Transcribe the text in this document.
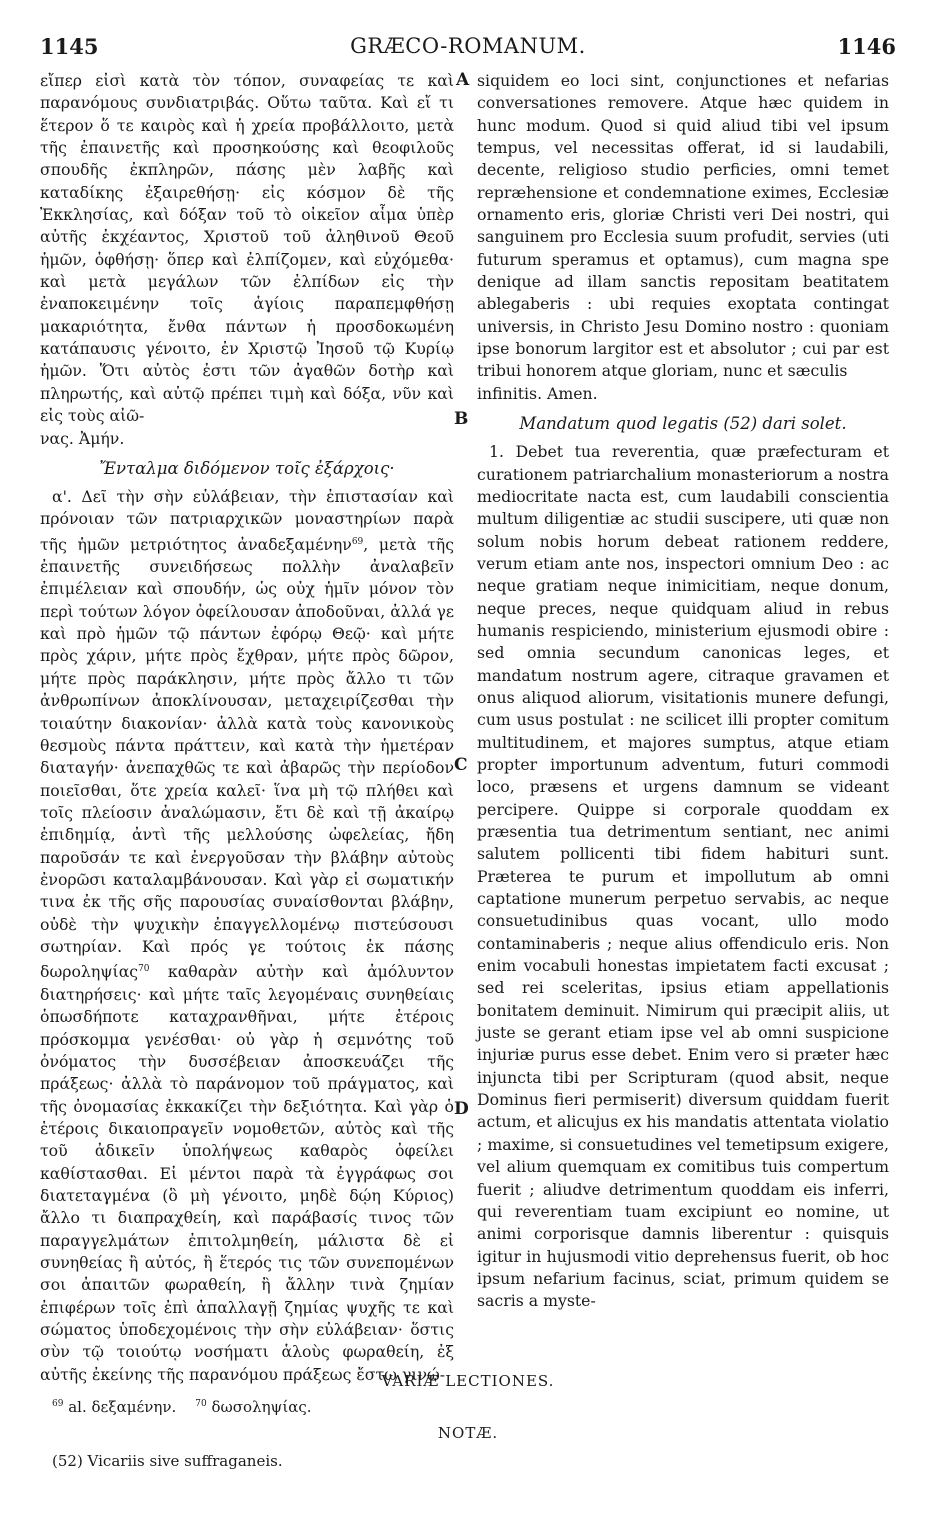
1145	GRÆCO-ROMANUM.	1146
A
B
C
D

εἴπερ εἰσὶ κατὰ τὸν τόπον, συναφείας τε καὶ παρανόμους συνδιατριβάς. Οὕτω ταῦτα. Καὶ εἴ τι ἕτερον ὅ τε καιρὸς καὶ ἡ χρεία προβάλλοιτο, μετὰ τῆς ἐπαινετῆς καὶ προσηκούσης καὶ θεοφιλοῦς σπουδῆς ἐκπληρῶν, πάσης μὲν λαβῆς καὶ καταδίκης ἐξαιρεθήσῃ· εἰς κόσμον δὲ τῆς Ἐκκλησίας, καὶ δόξαν τοῦ τὸ οἰκεῖον αἷμα ὑπὲρ αὐτῆς ἐκχέαντος, Χριστοῦ τοῦ ἀληθινοῦ Θεοῦ ἡμῶν, ὀφθήσῃ· ὅπερ καὶ ἐλπίζομεν, καὶ εὐχόμεθα· καὶ μετὰ μεγάλων τῶν ἐλπίδων εἰς τὴν ἐναποκειμένην τοῖς ἁγίοις παραπεμφθήσῃ μακαριότητα, ἔνθα πάντων ἡ προσδοκωμένη κατάπαυσις γένοιτο, ἐν Χριστῷ Ἰησοῦ τῷ Κυρίῳ ἡμῶν. Ὅτι αὐτὸς ἐστι τῶν ἀγαθῶν δοτὴρ καὶ πληρωτής, καὶ αὐτῷ πρέπει τιμὴ καὶ δόξα, νῦν καὶ εἰς τοὺς αἰῶ-

νας. Ἀμήν.

Ἔνταλμα διδόμενον τοῖς ἐξάρχοις·

α'. Δεῖ τὴν σὴν εὐλάβειαν, τὴν ἐπιστασίαν καὶ πρόνοιαν τῶν πατριαρχικῶν μοναστηρίων παρὰ τῆς ἡμῶν μετριότητος ἀναδεξαμένην$^{69}$, μετὰ τῆς ἐπαινετῆς συνειδήσεως πολλὴν ἀναλαβεῖν ἐπιμέλειαν καὶ σπουδήν, ὡς οὐχ ἡμῖν μόνον τὸν περὶ τούτων λόγον ὀφείλουσαν ἀποδοῦναι, ἀλλά γε καὶ πρὸ ἡμῶν τῷ πάντων ἐφόρῳ Θεῷ· καὶ μήτε πρὸς χάριν, μήτε πρὸς ἔχθραν, μήτε πρὸς δῶρον, μήτε πρὸς παράκλησιν, μήτε πρὸς ἄλλο τι τῶν ἀνθρωπίνων ἀποκλίνουσαν, μεταχειρίζεσθαι τὴν τοιαύτην διακονίαν· ἀλλὰ κατὰ τοὺς κανονικοὺς θεσμοὺς πάντα πράττειν, καὶ κατὰ τὴν ἡμετέραν διαταγήν· ἀνεπαχθῶς τε καὶ ἀβαρῶς τὴν περίοδον ποιεῖσθαι, ὅτε χρεία καλεῖ· ἵνα μὴ τῷ πλήθει καὶ τοῖς πλείοσιν ἀναλώμασιν, ἔτι δὲ καὶ τῇ ἀκαίρῳ ἐπιδημίᾳ, ἀντὶ τῆς μελλούσης ὠφελείας, ἤδη παροῦσάν τε καὶ ἐνεργοῦσαν τὴν βλάβην αὐτοὺς ἐνορῶσι καταλαμβάνουσαν. Καὶ γὰρ εἰ σωματικήν τινα ἐκ τῆς σῆς παρουσίας συναίσθονται βλάβην, οὐδὲ τὴν ψυχικὴν ἐπαγγελλομένῳ πιστεύσουσι σωτηρίαν. Καὶ πρός γε τούτοις ἐκ πάσης δωροληψίας$^{70}$ καθαρὰν αὐτὴν καὶ ἀμόλυντον διατηρήσεις· καὶ μήτε ταῖς λεγομέναις συνηθείαις ὁπωσδήποτε καταχρανθῆναι, μήτε ἑτέροις πρόσκομμα γενέσθαι· οὐ γὰρ ἡ σεμνότης τοῦ ὀνόματος τὴν δυσσέβειαν ἀποσκευάζει τῆς πράξεως· ἀλλὰ τὸ παράνομον τοῦ πράγματος, καὶ τῆς ὀνομασίας ἐκκακίζει τὴν δεξιότητα. Καὶ γὰρ ὁ ἑτέροις δικαιοπραγεῖν νομοθετῶν, αὐτὸς καὶ τῆς τοῦ ἀδικεῖν ὑπολήψεως καθαρὸς ὀφείλει καθίστασθαι. Εἰ μέντοι παρὰ τὰ ἐγγράφως σοι διατεταγμένα (ὃ μὴ γένοιτο, μηδὲ δῴη Κύριος) ἄλλο τι διαπραχθείη, καὶ παράβασίς τινος τῶν παραγγελμάτων ἐπιτολμηθείη, μάλιστα δὲ εἰ συνηθείας ἢ αὐτός, ἢ ἕτερός τις τῶν συνεπομένων σοι ἀπαιτῶν φωραθείη, ἢ ἄλλην τινὰ ζημίαν ἐπιφέρων τοῖς ἐπὶ ἀπαλλαγῇ ζημίας ψυχῆς τε καὶ σώματος ὑποδεχομένοις τὴν σὴν εὐλάβειαν· ὅστις σὺν τῷ τοιούτῳ νοσήματι ἁλοὺς φωραθείη, ἐξ αὐτῆς ἐκείνης τῆς παρανόμου πράξεως ἔστω γινώ-

siquidem eo loci sint, conjunctiones et nefarias conversationes removere. Atque hæc quidem in hunc modum. Quod si quid aliud tibi vel ipsum tempus, vel necessitas offerat, id si laudabili, decente, religioso studio perficies, omni temet repræhensione et condemnatione eximes, Ecclesiæ ornamento eris, gloriæ Christi veri Dei nostri, qui sanguinem pro Ecclesia suum profudit, servies (uti futurum speramus et optamus), cum magna spe denique ad illam sanctis repositam beatitatem ablegaberis : ubi requies exoptata contingat universis, in Christo Jesu Domino nostro : quoniam ipse bonorum largitor est et absolutor ; cui par est tribui honorem atque gloriam, nunc et sæculis

infinitis. Amen.

Mandatum quod legatis (52) dari solet.

1. Debet tua reverentia, quæ præfecturam et curationem patriarchalium monasteriorum a nostra mediocritate nacta est, cum laudabili conscientia multum diligentiæ ac studii suscipere, uti quæ non solum nobis horum debeat rationem reddere, verum etiam ante nos, inspectori omnium Deo : ac neque gratiam neque inimicitiam, neque donum, neque preces, neque quidquam aliud in rebus humanis respiciendo, ministerium ejusmodi obire : sed omnia secundum canonicas leges, et mandatum nostrum agere, citraque gravamen et onus aliquod aliorum, visitationis munere defungi, cum usus postulat : ne scilicet illi propter comitum multitudinem, et majores sumptus, atque etiam propter importunum adventum, futuri commodi loco, præsens et urgens damnum se videant percipere. Quippe si corporale quoddam ex præsentia tua detrimentum sentiant, nec animi salutem pollicenti tibi fidem habituri sunt. Præterea te purum et impollutum ab omni captatione munerum perpetuo servabis, ac neque consuetudinibus quas vocant, ullo modo contaminaberis ; neque alius offendiculo eris. Non enim vocabuli honestas impietatem facti excusat ; sed rei sceleritas, ipsius etiam appellationis bonitatem deminuit. Nimirum qui præcipit aliis, ut juste se gerant etiam ipse vel ab omni suspicione injuriæ purus esse debet. Enim vero si præter hæc injuncta tibi per Scripturam (quod absit, neque Dominus fieri permiserit) diversum quiddam fuerit actum, et alicujus ex his mandatis attentata violatio ; maxime, si consuetudines vel temetipsum exigere, vel alium quemquam ex comitibus tuis compertum fuerit ; aliudve detrimentum quoddam eis inferri, qui reverentiam tuam excipiunt eo nomine, ut animi corporisque damnis liberentur : quisquis igitur in hujusmodi vitio deprehensus fuerit, ob hoc ipsum nefarium facinus, sciat, primum quidem se sacris a myste-

VARIÆ LECTIONES.

$^{69}$ al. δεξαμένην. $^{70}$ δωσοληψίας.

NOTÆ.

(52) Vicariis sive suffraganeis.
